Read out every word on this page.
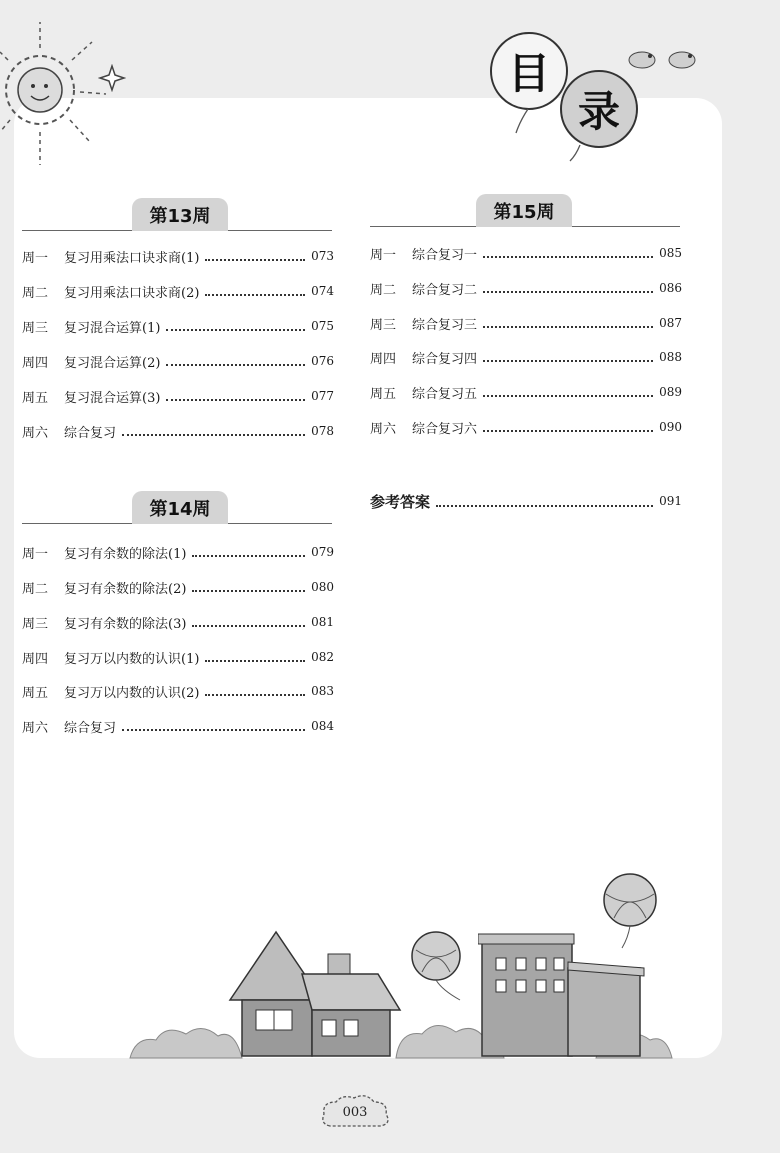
目
录
第13周
周一	复习用乘法口诀求商(1)	073
周二	复习用乘法口诀求商(2)	074
周三	复习混合运算(1)	075
周四	复习混合运算(2)	076
周五	复习混合运算(3)	077
周六	综合复习	078
第14周
周一	复习有余数的除法(1)	079
周二	复习有余数的除法(2)	080
周三	复习有余数的除法(3)	081
周四	复习万以内数的认识(1)	082
周五	复习万以内数的认识(2)	083
周六	综合复习	084
第15周
周一	综合复习一	085
周二	综合复习二	086
周三	综合复习三	087
周四	综合复习四	088
周五	综合复习五	089
周六	综合复习六	090
参考答案	091
003
